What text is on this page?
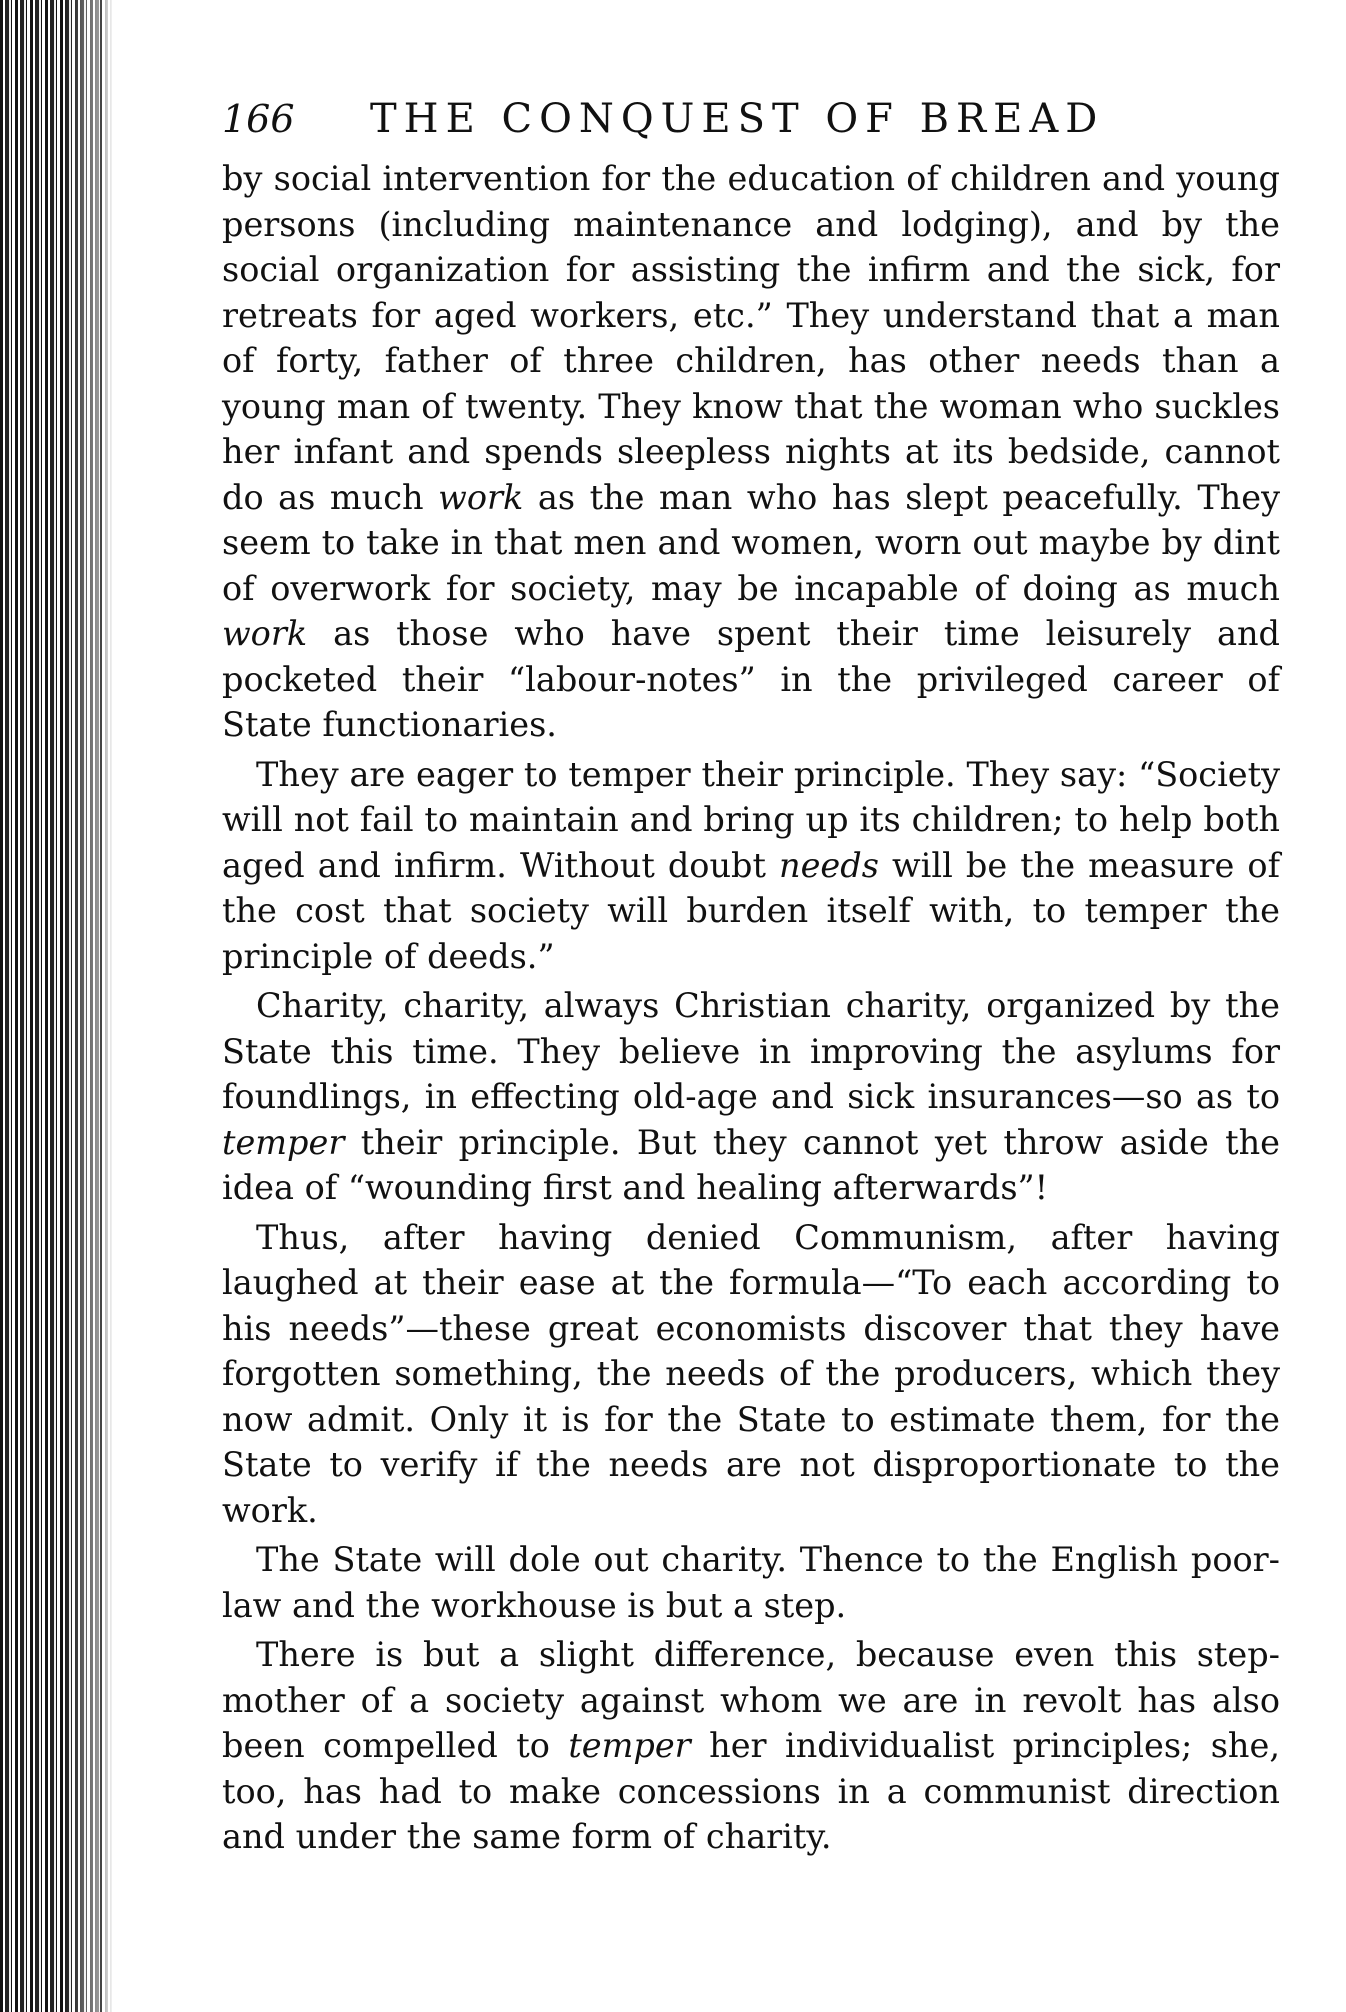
166	THE CONQUEST OF BREAD

by social intervention for the education of children and young persons (including maintenance and lodging), and by the social organization for assisting the infirm and the sick, for retreats for aged workers, etc.” They understand that a man of forty, father of three children, has other needs than a young man of twenty. They know that the woman who suckles her infant and spends sleepless nights at its bedside, cannot do as much work as the man who has slept peacefully. They seem to take in that men and women, worn out maybe by dint of overwork for society, may be incapable of doing as much work as those who have spent their time leisurely and pocketed their “labour-notes” in the privileged career of State functionaries.

They are eager to temper their principle. They say: “Society will not fail to maintain and bring up its children; to help both aged and infirm. Without doubt needs will be the measure of the cost that society will burden itself with, to temper the principle of deeds.”

Charity, charity, always Christian charity, organized by the State this time. They believe in improving the asylums for foundlings, in effecting old-age and sick insurances—so as to temper their principle. But they cannot yet throw aside the idea of “wounding first and healing afterwards”!

Thus, after having denied Communism, after having laughed at their ease at the formula—“To each according to his needs”—these great economists discover that they have forgotten something, the needs of the producers, which they now admit. Only it is for the State to estimate them, for the State to verify if the needs are not disproportionate to the work.

The State will dole out charity. Thence to the English poor-law and the workhouse is but a step.

There is but a slight difference, because even this stepmother of a society against whom we are in revolt has also been compelled to temper her individualist principles; she, too, has had to make concessions in a communist direction and under the same form of charity.
